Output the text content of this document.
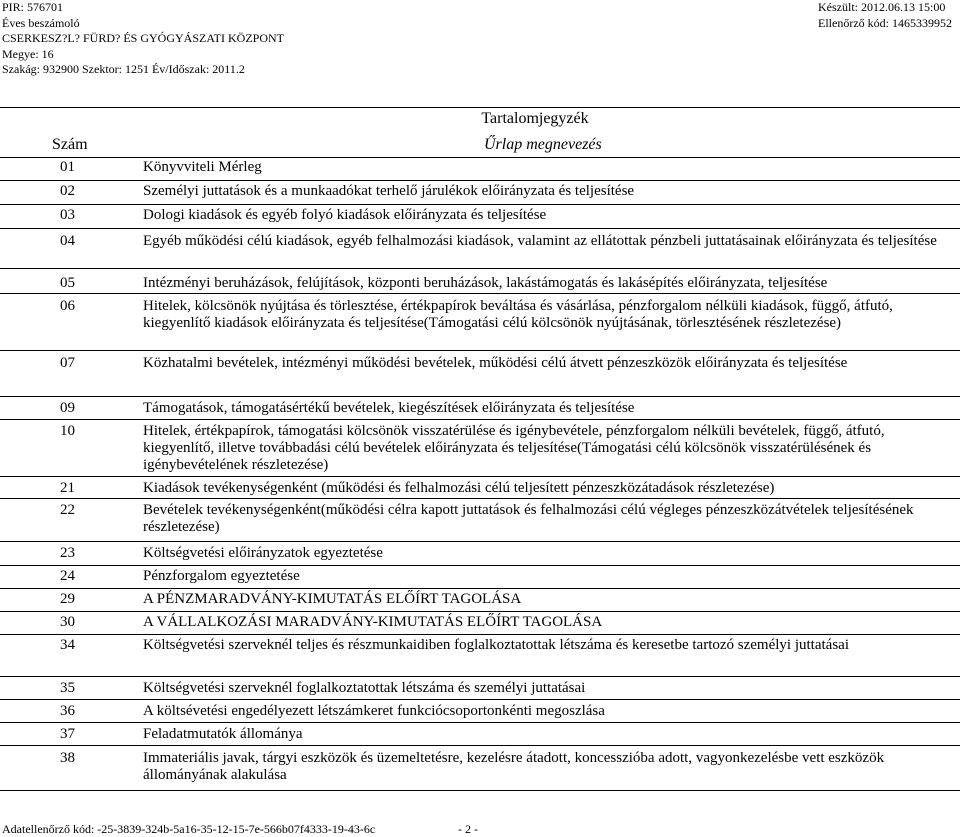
PIR: 576701
Éves beszámoló
CSERKESZ?L? FÜRD? ÉS GYÓGYÁSZATI KÖZPONT
Megye: 16
Szakág: 932900 Szektor: 1251 Év/Időszak: 2011.2
Készült: 2012.06.13 15:00
Ellenőrző kód: 1465339952
Tartalomjegyzék
Szám	Űrlap megnevezés
01	Könyvviteli Mérleg
02	Személyi juttatások és a munkaadókat terhelő járulékok előirányzata és teljesítése
03	Dologi kiadások és egyéb folyó kiadások előirányzata és teljesítése
04	Egyéb működési célú kiadások, egyéb felhalmozási kiadások, valamint az ellátottak pénzbeli juttatásainak előirányzata és teljesítése
05	Intézményi beruházások, felújítások, központi beruházások, lakástámogatás és lakásépítés előirányzata, teljesítése
06	Hitelek, kölcsönök nyújtása és törlesztése, értékpapírok beváltása és vásárlása, pénzforgalom nélküli kiadások, függő, átfutó, kiegyenlítő kiadások előirányzata és teljesítése(Támogatási célú kölcsönök nyújtásának, törlesztésének részletezése)
07	Közhatalmi bevételek, intézményi működési bevételek, működési célú átvett pénzeszközök előirányzata és teljesítése
09	Támogatások, támogatásértékű bevételek, kiegészítések előirányzata és teljesítése
10	Hitelek, értékpapírok, támogatási kölcsönök visszatérülése és igénybevétele, pénzforgalom nélküli bevételek, függő, átfutó, kiegyenlítő, illetve továbbadási célú bevételek előirányzata és teljesítése(Támogatási célú kölcsönök visszatérülésének és igénybevételének részletezése)
21	Kiadások tevékenységenként (működési és felhalmozási célú teljesített pénzeszközátadások részletezése)
22	Bevételek tevékenységenként(működési célra kapott juttatások és felhalmozási célú végleges pénzeszközátvételek teljesítésének részletezése)
23	Költségvetési előirányzatok egyeztetése
24	Pénzforgalom egyeztetése
29	A PÉNZMARADVÁNY-KIMUTATÁS ELŐÍRT TAGOLÁSA
30	A VÁLLALKOZÁSI MARADVÁNY-KIMUTATÁS ELŐÍRT TAGOLÁSA
34	Költségvetési szerveknél teljes és részmunkaidiben foglalkoztatottak létszáma és keresetbe tartozó személyi juttatásai
35	Költségvetési szerveknél foglalkoztatottak létszáma és személyi juttatásai
36	A költsévetési engedélyezett létszámkeret funkciócsoportonkénti megoszlása
37	Feladatmutatók állománya
38	Immateriális javak, tárgyi eszközök és üzemeltetésre, kezelésre átadott, koncesszióba adott, vagyonkezelésbe vett eszközök állományának alakulása
Adatellenőrző kód: -25-3839-324b-5a16-35-12-15-7e-566b07f4333-19-43-6c	- 2 -
